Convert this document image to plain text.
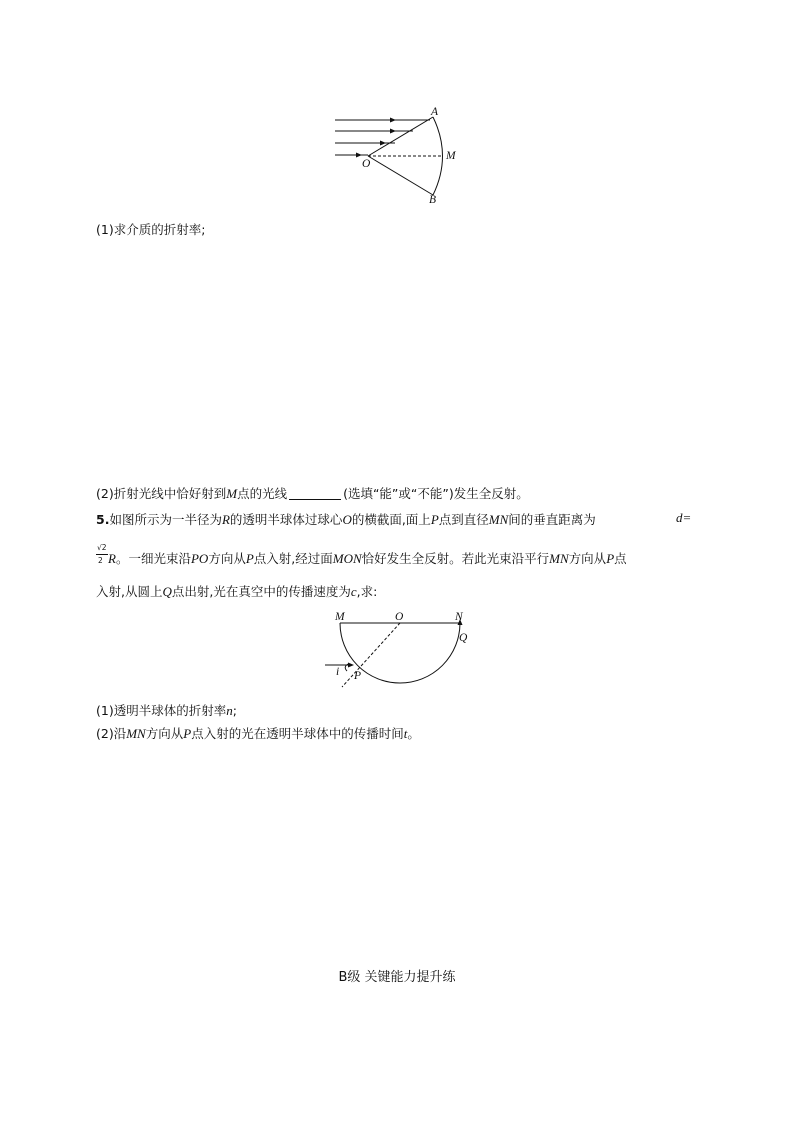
A
M
O
B
(1)求介质的折射率;
(2)折射光线中恰好射到M点的光线	(选填“能”或“不能”)发生全反射。
5.如图所示为一半径为R的透明半球体过球心O的横截面,面上P点到直径MN间的垂直距离为	d=
$\frac{√2}{2}$ R。一细光束沿PO方向从P点入射,经过面MON恰好发生全反射。若此光束沿平行MN方向从P点
入射,从圆上Q点出射,光在真空中的传播速度为c,求:
M	O	N
Q
P
i
(1)透明半球体的折射率n;
(2)沿MN方向从P点入射的光在透明半球体中的传播时间t。
B级 关键能力提升练
